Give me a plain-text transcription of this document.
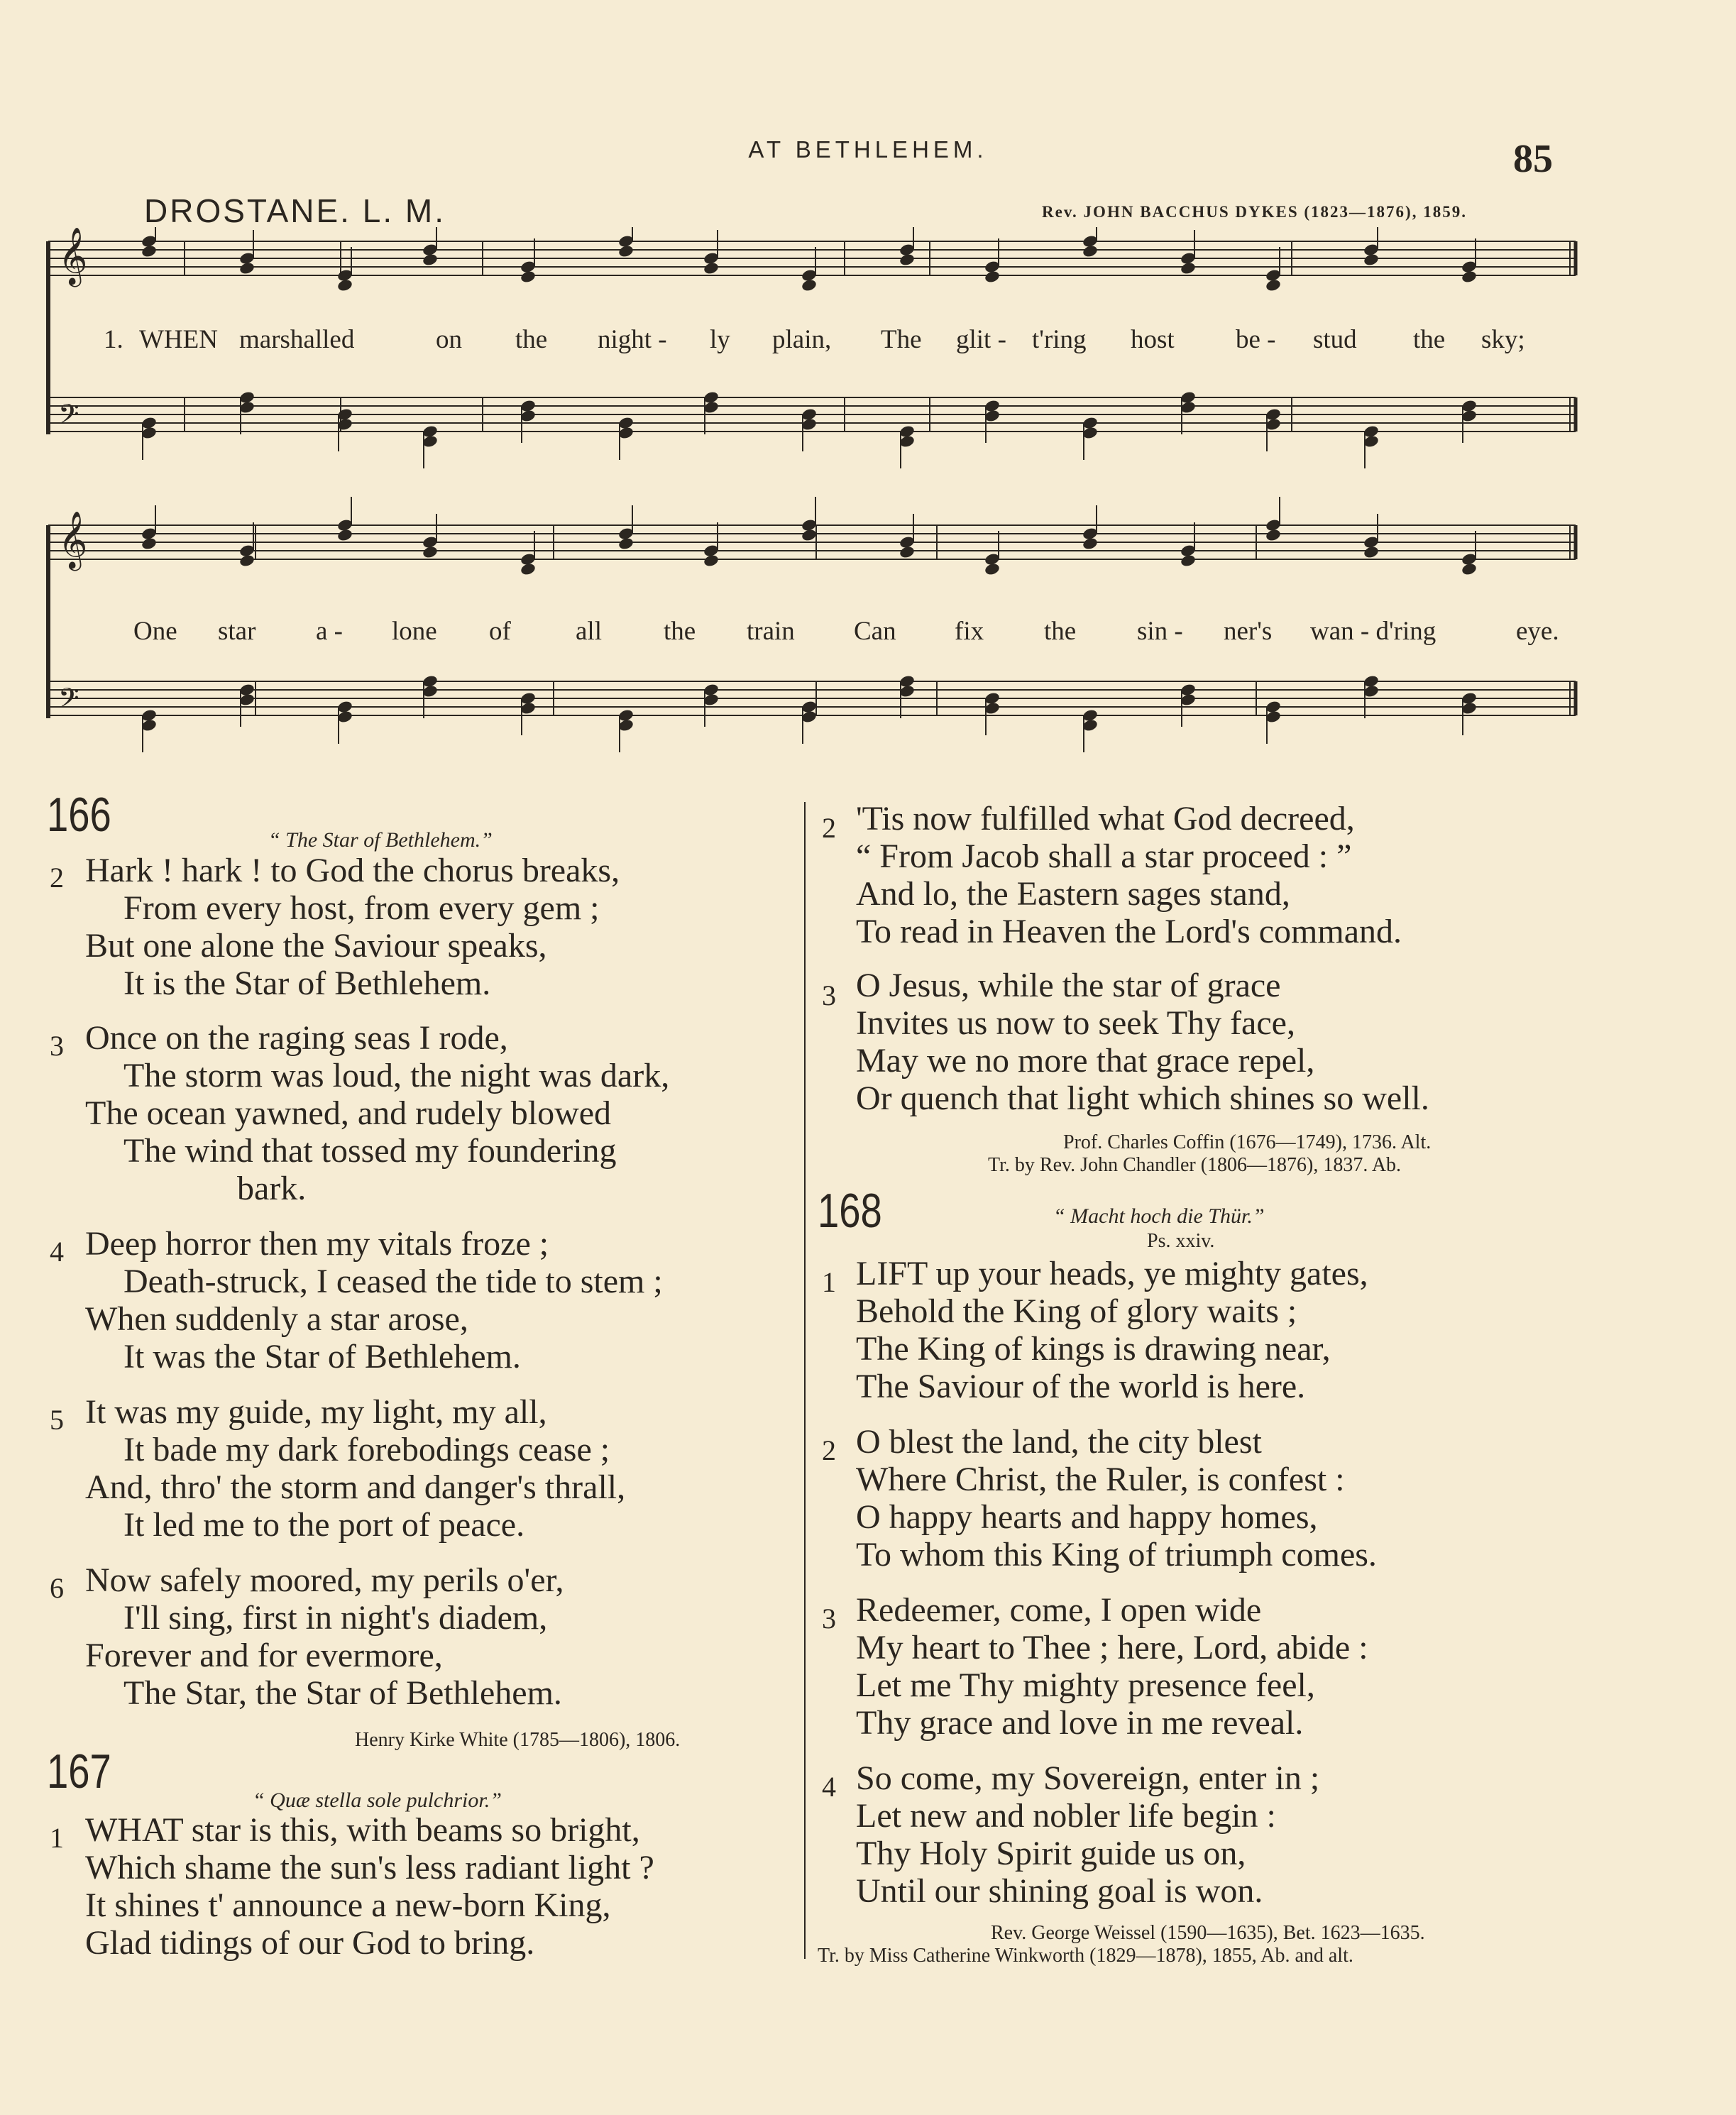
AT BETHLEHEM.	85
DROSTANE. L. M.	Rev. JOHN BACCHUS DYKES (1823—1876), 1859.
𝄞
𝄢
𝄞
𝄢
1. WHEN marshalled	on the night - ly plain, The glit - t'ring host be - stud the sky;
One star a - lone of all the train Can fix the sin - ner's wan - d'ring	eye.
166	“ The Star of Bethlehem.”
2 Hark ! hark ! to God the chorus breaks,
From every host, from every gem ;
But one alone the Saviour speaks,
It is the Star of Bethlehem.
3 Once on the raging seas I rode,
The storm was loud, the night was dark,
The ocean yawned, and rudely blowed
The wind that tossed my foundering
bark.
4 Deep horror then my vitals froze ;
Death-struck, I ceased the tide to stem ;
When suddenly a star arose,
It was the Star of Bethlehem.
5 It was my guide, my light, my all,
It bade my dark forebodings cease ;
And, thro' the storm and danger's thrall,
It led me to the port of peace.
6 Now safely moored, my perils o'er,
I'll sing, first in night's diadem,
Forever and for evermore,
The Star, the Star of Bethlehem.
Henry Kirke White (1785—1806), 1806.
167
“ Quæ stella sole pulchrior.”
1 WHAT star is this, with beams so bright,
Which shame the sun's less radiant light ?
It shines t' announce a new-born King,
Glad tidings of our God to bring.
2 'Tis now fulfilled what God decreed,
“ From Jacob shall a star proceed : ”
And lo, the Eastern sages stand,
To read in Heaven the Lord's command.
3 O Jesus, while the star of grace
Invites us now to seek Thy face,
May we no more that grace repel,
Or quench that light which shines so well.
Prof. Charles Coffin (1676—1749), 1736. Alt.
Tr. by Rev. John Chandler (1806—1876), 1837. Ab.
168	“ Macht hoch die Thür.”
Ps. xxiv.
1 LIFT up your heads, ye mighty gates,
Behold the King of glory waits ;
The King of kings is drawing near,
The Saviour of the world is here.
2 O blest the land, the city blest
Where Christ, the Ruler, is confest :
O happy hearts and happy homes,
To whom this King of triumph comes.
3 Redeemer, come, I open wide
My heart to Thee ; here, Lord, abide :
Let me Thy mighty presence feel,
Thy grace and love in me reveal.
4 So come, my Sovereign, enter in ;
Let new and nobler life begin :
Thy Holy Spirit guide us on,
Until our shining goal is won.
Rev. George Weissel (1590—1635), Bet. 1623—1635.
Tr. by Miss Catherine Winkworth (1829—1878), 1855, Ab. and alt.
